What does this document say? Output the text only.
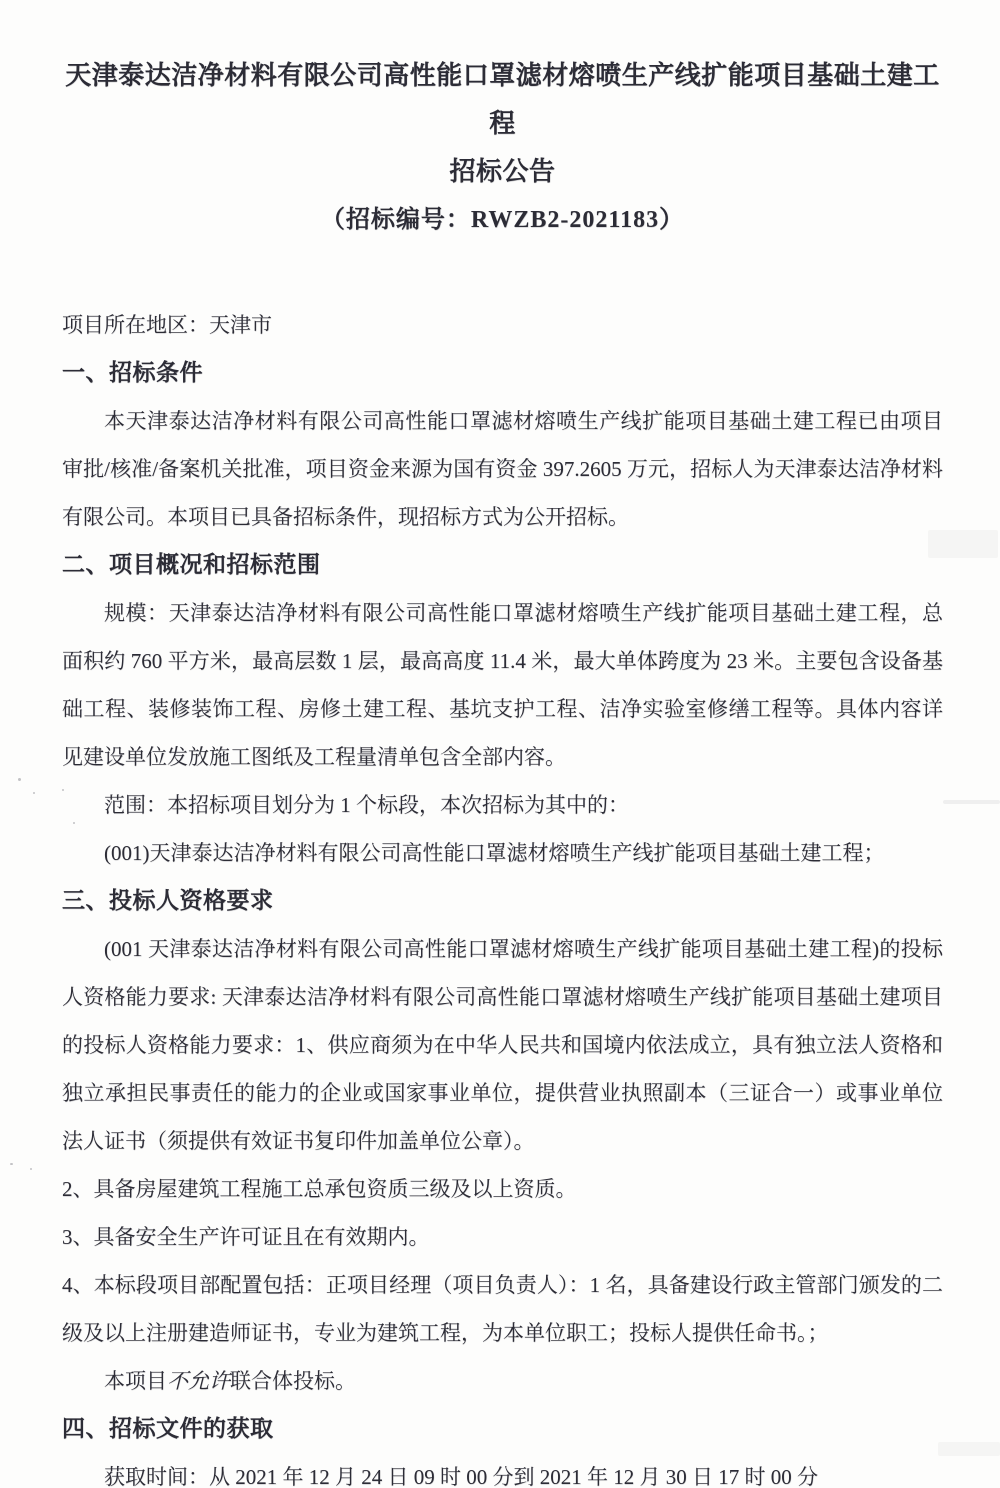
天津泰达洁净材料有限公司高性能口罩滤材熔喷生产线扩能项目基础土建工程
招标公告
（招标编号：RWZB2-2021183）

项目所在地区：天津市

一、招标条件

本天津泰达洁净材料有限公司高性能口罩滤材熔喷生产线扩能项目基础土建工程已由项目审批/核准/备案机关批准，项目资金来源为国有资金 397.2605 万元，招标人为天津泰达洁净材料有限公司。本项目已具备招标条件，现招标方式为公开招标。

二、项目概况和招标范围

规模：天津泰达洁净材料有限公司高性能口罩滤材熔喷生产线扩能项目基础土建工程，总面积约 760 平方米，最高层数 1 层，最高高度 11.4 米，最大单体跨度为 23 米。主要包含设备基础工程、装修装饰工程、房修土建工程、基坑支护工程、洁净实验室修缮工程等。具体内容详见建设单位发放施工图纸及工程量清单包含全部内容。

范围：本招标项目划分为 1 个标段，本次招标为其中的：

(001)天津泰达洁净材料有限公司高性能口罩滤材熔喷生产线扩能项目基础土建工程；

三、投标人资格要求

(001 天津泰达洁净材料有限公司高性能口罩滤材熔喷生产线扩能项目基础土建工程)的投标人资格能力要求: 天津泰达洁净材料有限公司高性能口罩滤材熔喷生产线扩能项目基础土建项目的投标人资格能力要求：1、供应商须为在中华人民共和国境内依法成立，具有独立法人资格和独立承担民事责任的能力的企业或国家事业单位，提供营业执照副本（三证合一）或事业单位法人证书（须提供有效证书复印件加盖单位公章）。

2、具备房屋建筑工程施工总承包资质三级及以上资质。

3、具备安全生产许可证且在有效期内。

4、本标段项目部配置包括：正项目经理（项目负责人）：1 名，具备建设行政主管部门颁发的二级及以上注册建造师证书，专业为建筑工程，为本单位职工；投标人提供任命书。；

本项目不允许联合体投标。

四、招标文件的获取

获取时间：从 2021 年 12 月 24 日 09 时 00 分到 2021 年 12 月 30 日 17 时 00 分
